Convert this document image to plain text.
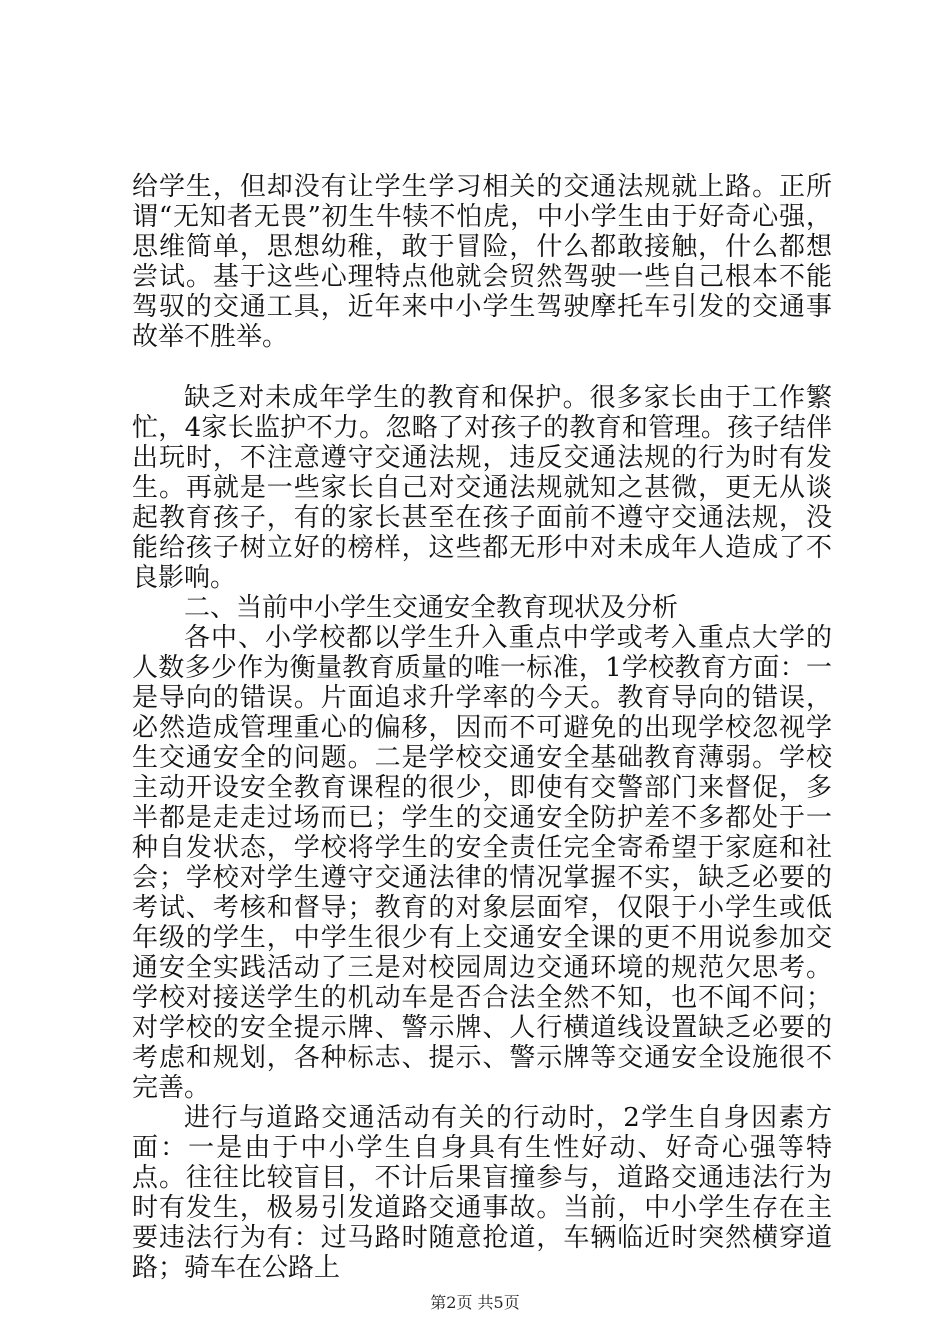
给学生，但却没有让学生学习相关的交通法规就上路。正所谓“无知者无畏”初生牛犊不怕虎，中小学生由于好奇心强，思维简单，思想幼稚，敢于冒险，什么都敢接触，什么都想尝试。基于这些心理特点他就会贸然驾驶一些自己根本不能驾驭的交通工具，近年来中小学生驾驶摩托车引发的交通事故举不胜举。

缺乏对未成年学生的教育和保护。很多家长由于工作繁忙，4家长监护不力。忽略了对孩子的教育和管理。孩子结伴出玩时，不注意遵守交通法规，违反交通法规的行为时有发生。再就是一些家长自己对交通法规就知之甚微，更无从谈起教育孩子，有的家长甚至在孩子面前不遵守交通法规，没能给孩子树立好的榜样，这些都无形中对未成年人造成了不良影响。

二、当前中小学生交通安全教育现状及分析

各中、小学校都以学生升入重点中学或考入重点大学的人数多少作为衡量教育质量的唯一标准，1学校教育方面：一是导向的错误。片面追求升学率的今天。教育导向的错误，必然造成管理重心的偏移，因而不可避免的出现学校忽视学生交通安全的问题。二是学校交通安全基础教育薄弱。学校主动开设安全教育课程的很少，即使有交警部门来督促，多半都是走走过场而已；学生的交通安全防护差不多都处于一种自发状态，学校将学生的安全责任完全寄希望于家庭和社会；学校对学生遵守交通法律的情况掌握不实，缺乏必要的考试、考核和督导；教育的对象层面窄，仅限于小学生或低年级的学生，中学生很少有上交通安全课的更不用说参加交通安全实践活动了三是对校园周边交通环境的规范欠思考。学校对接送学生的机动车是否合法全然不知，也不闻不问；对学校的安全提示牌、警示牌、人行横道线设置缺乏必要的考虑和规划，各种标志、提示、警示牌等交通安全设施很不完善。

进行与道路交通活动有关的行动时，2学生自身因素方面：一是由于中小学生自身具有生性好动、好奇心强等特点。往往比较盲目，不计后果盲撞参与，道路交通违法行为时有发生，极易引发道路交通事故。当前，中小学生存在主要违法行为有：过马路时随意抢道，车辆临近时突然横穿道路；骑车在公路上

第2页 共5页
